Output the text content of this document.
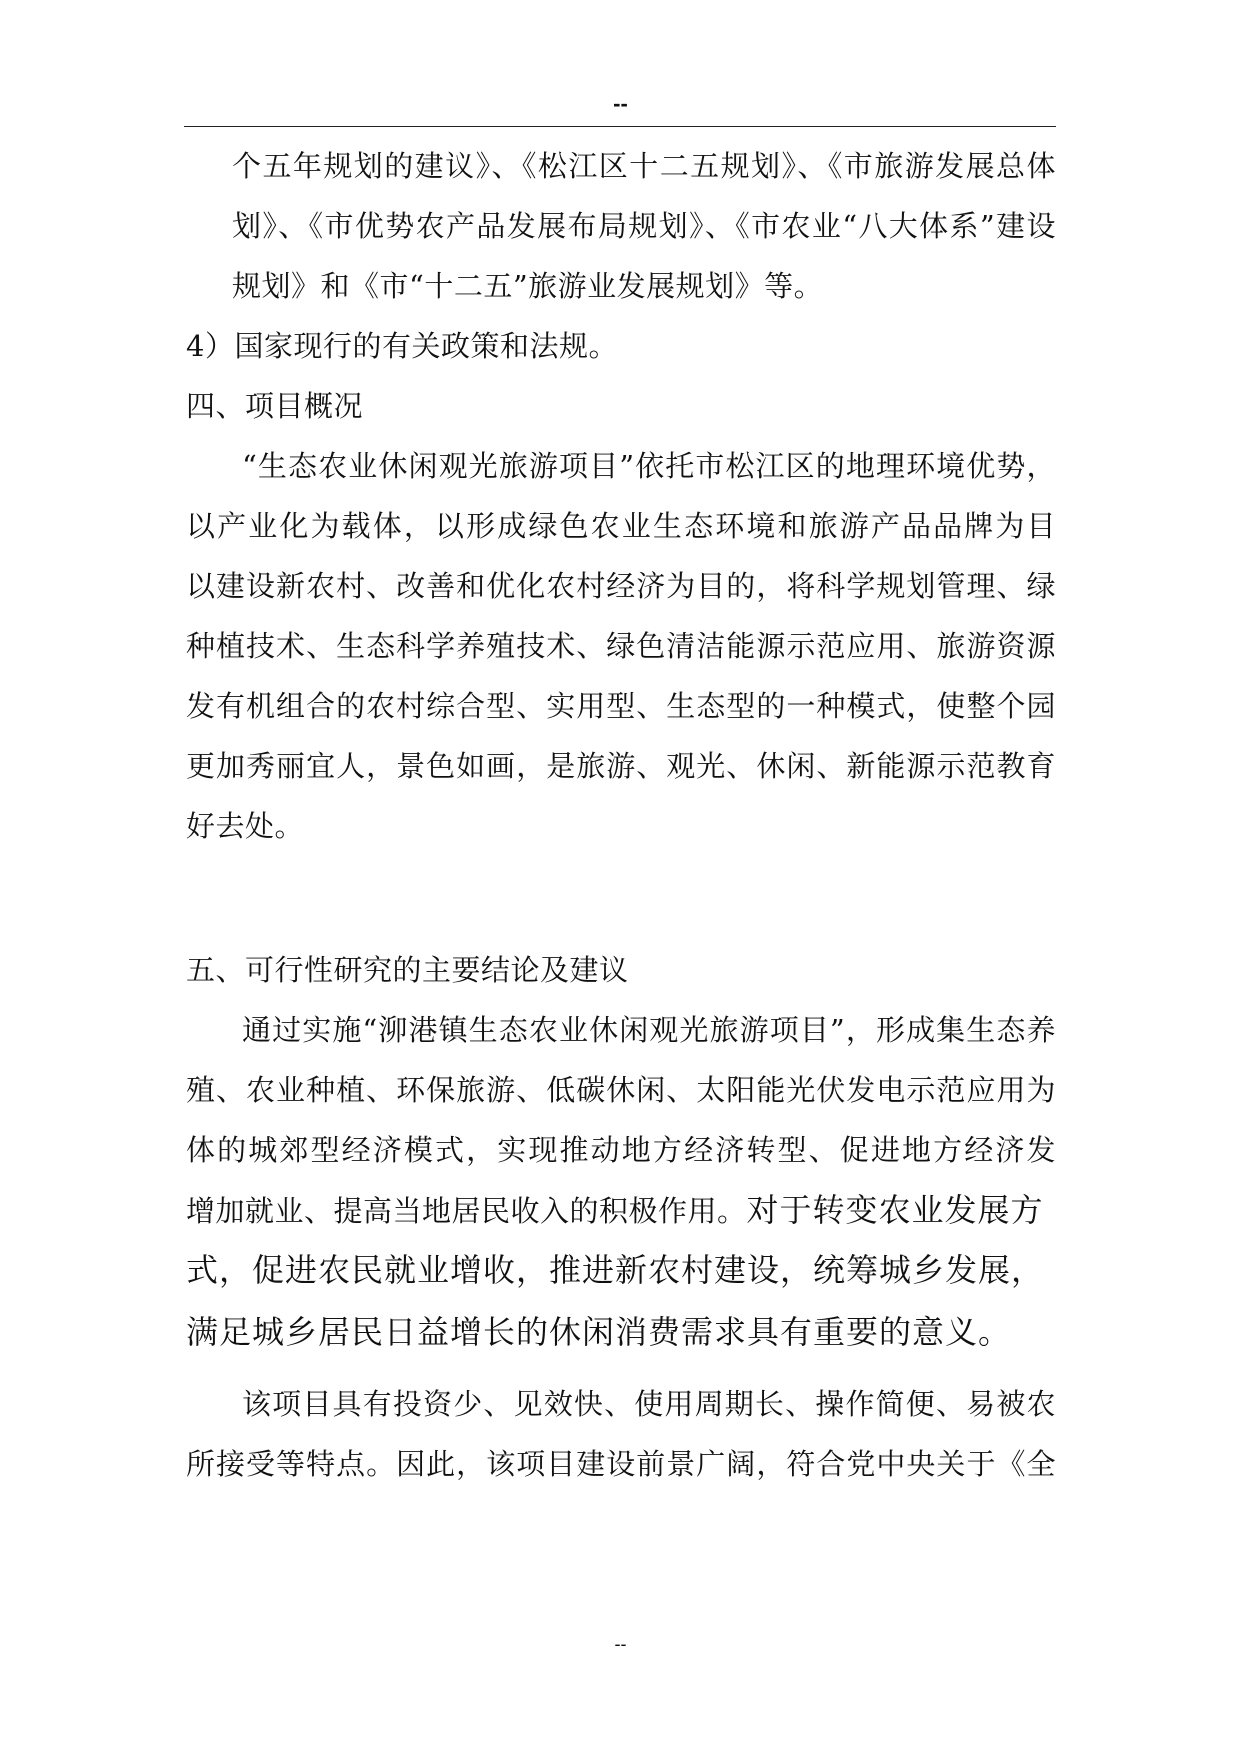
--
个五年规划的建议》、《松江区十二五规划》、《市旅游发展总体
划》、《市优势农产品发展布局规划》、《市农业“八大体系”建设
规划》和《市“十二五”旅游业发展规划》等。
4）国家现行的有关政策和法规。
四、项目概况
“生态农业休闲观光旅游项目”依托市松江区的地理环境优势，
以产业化为载体，以形成绿色农业生态环境和旅游产品品牌为目
以建设新农村、改善和优化农村经济为目的，将科学规划管理、绿
种植技术、生态科学养殖技术、绿色清洁能源示范应用、旅游资源
发有机组合的农村综合型、实用型、生态型的一种模式，使整个园
更加秀丽宜人，景色如画，是旅游、观光、休闲、新能源示范教育
好去处。
五、可行性研究的主要结论及建议
通过实施“泖港镇生态农业休闲观光旅游项目”，形成集生态养
殖、农业种植、环保旅游、低碳休闲、太阳能光伏发电示范应用为
体的城郊型经济模式，实现推动地方经济转型、促进地方经济发
增加就业、提高当地居民收入的积极作用。对于转变农业发展方
式，促进农民就业增收，推进新农村建设，统筹城乡发展，
满足城乡居民日益增长的休闲消费需求具有重要的意义。
该项目具有投资少、见效快、使用周期长、操作简便、易被农
所接受等特点。因此，该项目建设前景广阔，符合党中央关于《全
--
